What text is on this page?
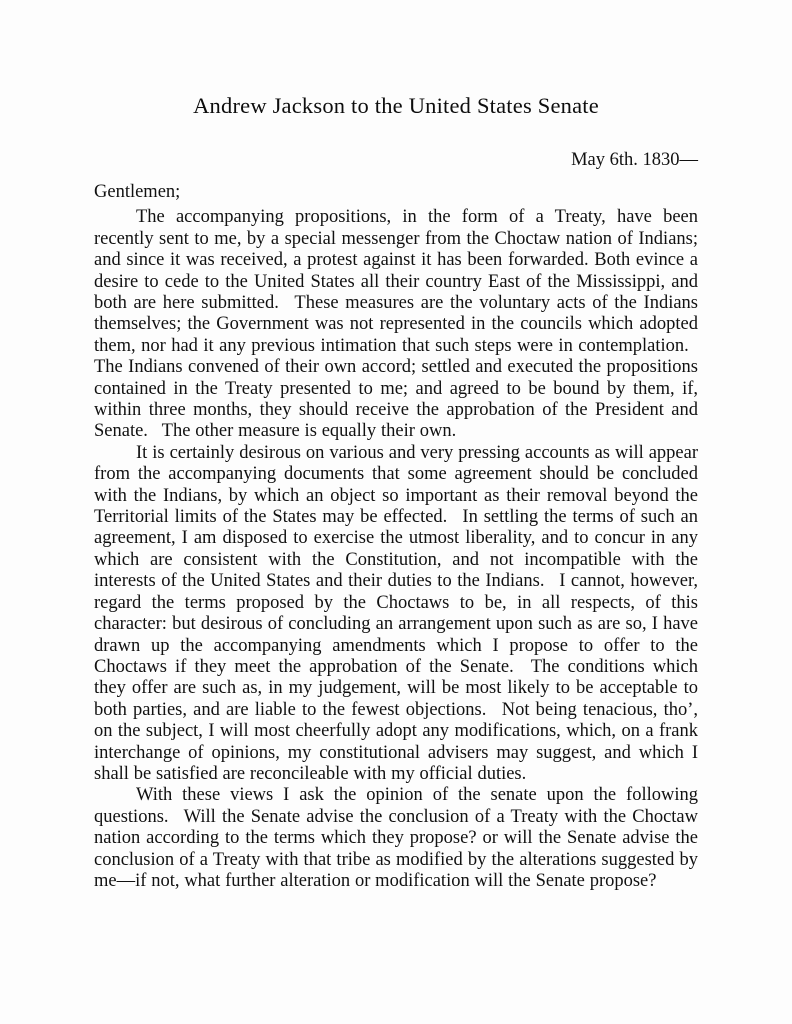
Andrew Jackson to the United States Senate

May 6th. 1830—

Gentlemen;

The accompanying propositions, in the form of a Treaty, have been recently sent to me, by a special messenger from the Choctaw nation of Indians; and since it was received, a protest against it has been forwarded. Both evince a desire to cede to the United States all their country East of the Mississippi, and both are here submitted.  These measures are the voluntary acts of the Indians themselves; the Government was not represented in the councils which adopted them, nor had it any previous intimation that such steps were in contemplation.  The Indians convened of their own accord; settled and executed the propositions contained in the Treaty presented to me; and agreed to be bound by them, if, within three months, they should receive the approbation of the President and Senate.  The other measure is equally their own.

It is certainly desirous on various and very pressing accounts as will appear from the accompanying documents that some agreement should be concluded with the Indians, by which an object so important as their removal beyond the Territorial limits of the States may be effected.  In settling the terms of such an agreement, I am disposed to exercise the utmost liberality, and to concur in any which are consistent with the Constitution, and not incompatible with the interests of the United States and their duties to the Indians.  I cannot, however, regard the terms proposed by the Choctaws to be, in all respects, of this character: but desirous of concluding an arrangement upon such as are so, I have drawn up the accompanying amendments which I propose to offer to the Choctaws if they meet the approbation of the Senate.  The conditions which they offer are such as, in my judgement, will be most likely to be acceptable to both parties, and are liable to the fewest objections.  Not being tenacious, tho’, on the subject, I will most cheerfully adopt any modifications, which, on a frank interchange of opinions, my constitutional advisers may suggest, and which I shall be satisfied are reconcileable with my official duties.

With these views I ask the opinion of the senate upon the following questions.  Will the Senate advise the conclusion of a Treaty with the Choctaw nation according to the terms which they propose? or will the Senate advise the conclusion of a Treaty with that tribe as modified by the alterations suggested by me—if not, what further alteration or modification will the Senate propose?
